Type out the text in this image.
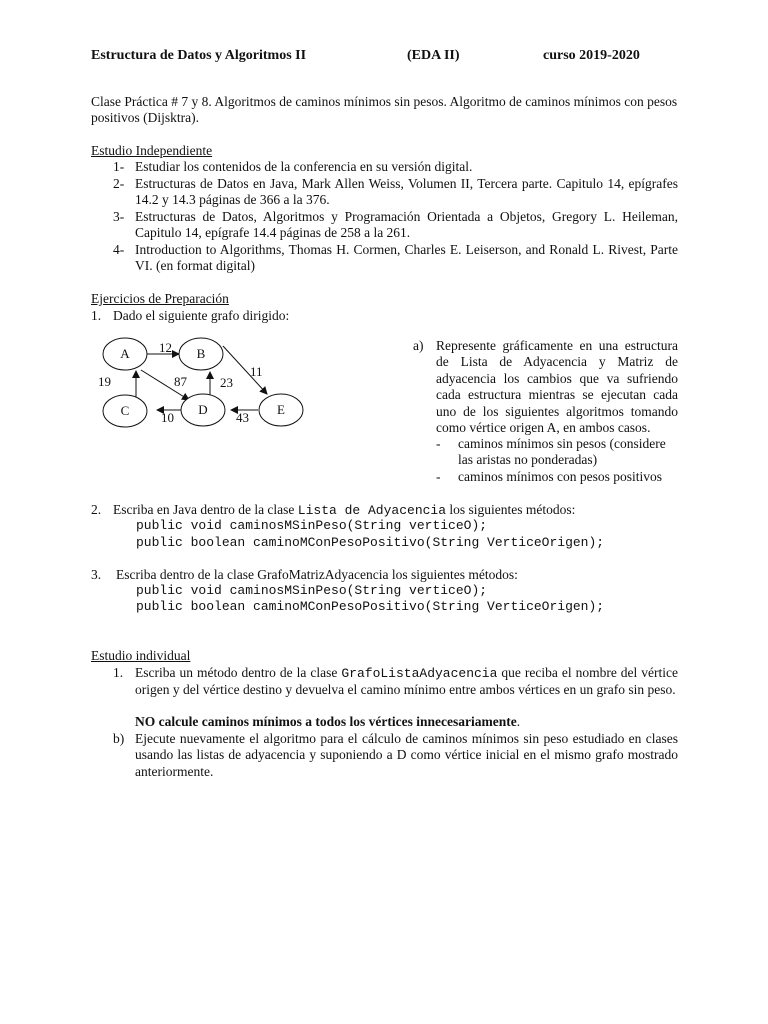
Estructura de Datos y Algoritmos II	(EDA II)	curso 2019-2020
Clase Práctica # 7 y 8. Algoritmos de caminos mínimos sin pesos. Algoritmo de caminos mínimos con pesos positivos (Dijsktra).
Estudio Independiente
1- Estudiar los contenidos de la conferencia en su versión digital.
2- Estructuras de Datos en Java, Mark Allen Weiss, Volumen II, Tercera parte. Capitulo 14, epígrafes 14.2 y 14.3 páginas de 366 a la 376.
3- Estructuras de Datos, Algoritmos y Programación Orientada a Objetos, Gregory L. Heileman, Capitulo 14, epígrafe 14.4 páginas de 258 a la 261.
4- Introduction to Algorithms, Thomas H. Cormen, Charles E. Leiserson, and Ronald L. Rivest, Parte VI. (en format digital)
Ejercicios de Preparación
1. Dado el siguiente grafo dirigido:
A	B
C	D	E
12
11
19	87	23
10	43
a) Represente gráficamente en una estructura de Lista de Adyacencia y Matriz de adyacencia los cambios que va sufriendo cada estructura mientras se ejecutan cada uno de los siguientes algoritmos tomando como vértice origen A, en ambos casos.
- caminos mínimos sin pesos (considere las aristas no ponderadas)
- caminos mínimos con pesos positivos
2. Escriba en Java dentro de la clase Lista de Adyacencia los siguientes métodos:
public void caminosMSinPeso(String verticeO);
public boolean caminoMConPesoPositivo(String VerticeOrigen);
3. Escriba dentro de la clase GrafoMatrizAdyacencia los siguientes métodos:
public void caminosMSinPeso(String verticeO);
public boolean caminoMConPesoPositivo(String VerticeOrigen);
Estudio individual
1. Escriba un método dentro de la clase GrafoListaAdyacencia que reciba el nombre del vértice origen y del vértice destino y devuelva el camino mínimo entre ambos vértices en un grafo sin peso.
NO calcule caminos mínimos a todos los vértices innecesariamente.
b) Ejecute nuevamente el algoritmo para el cálculo de caminos mínimos sin peso estudiado en clases usando las listas de adyacencia y suponiendo a D como vértice inicial en el mismo grafo mostrado anteriormente.
